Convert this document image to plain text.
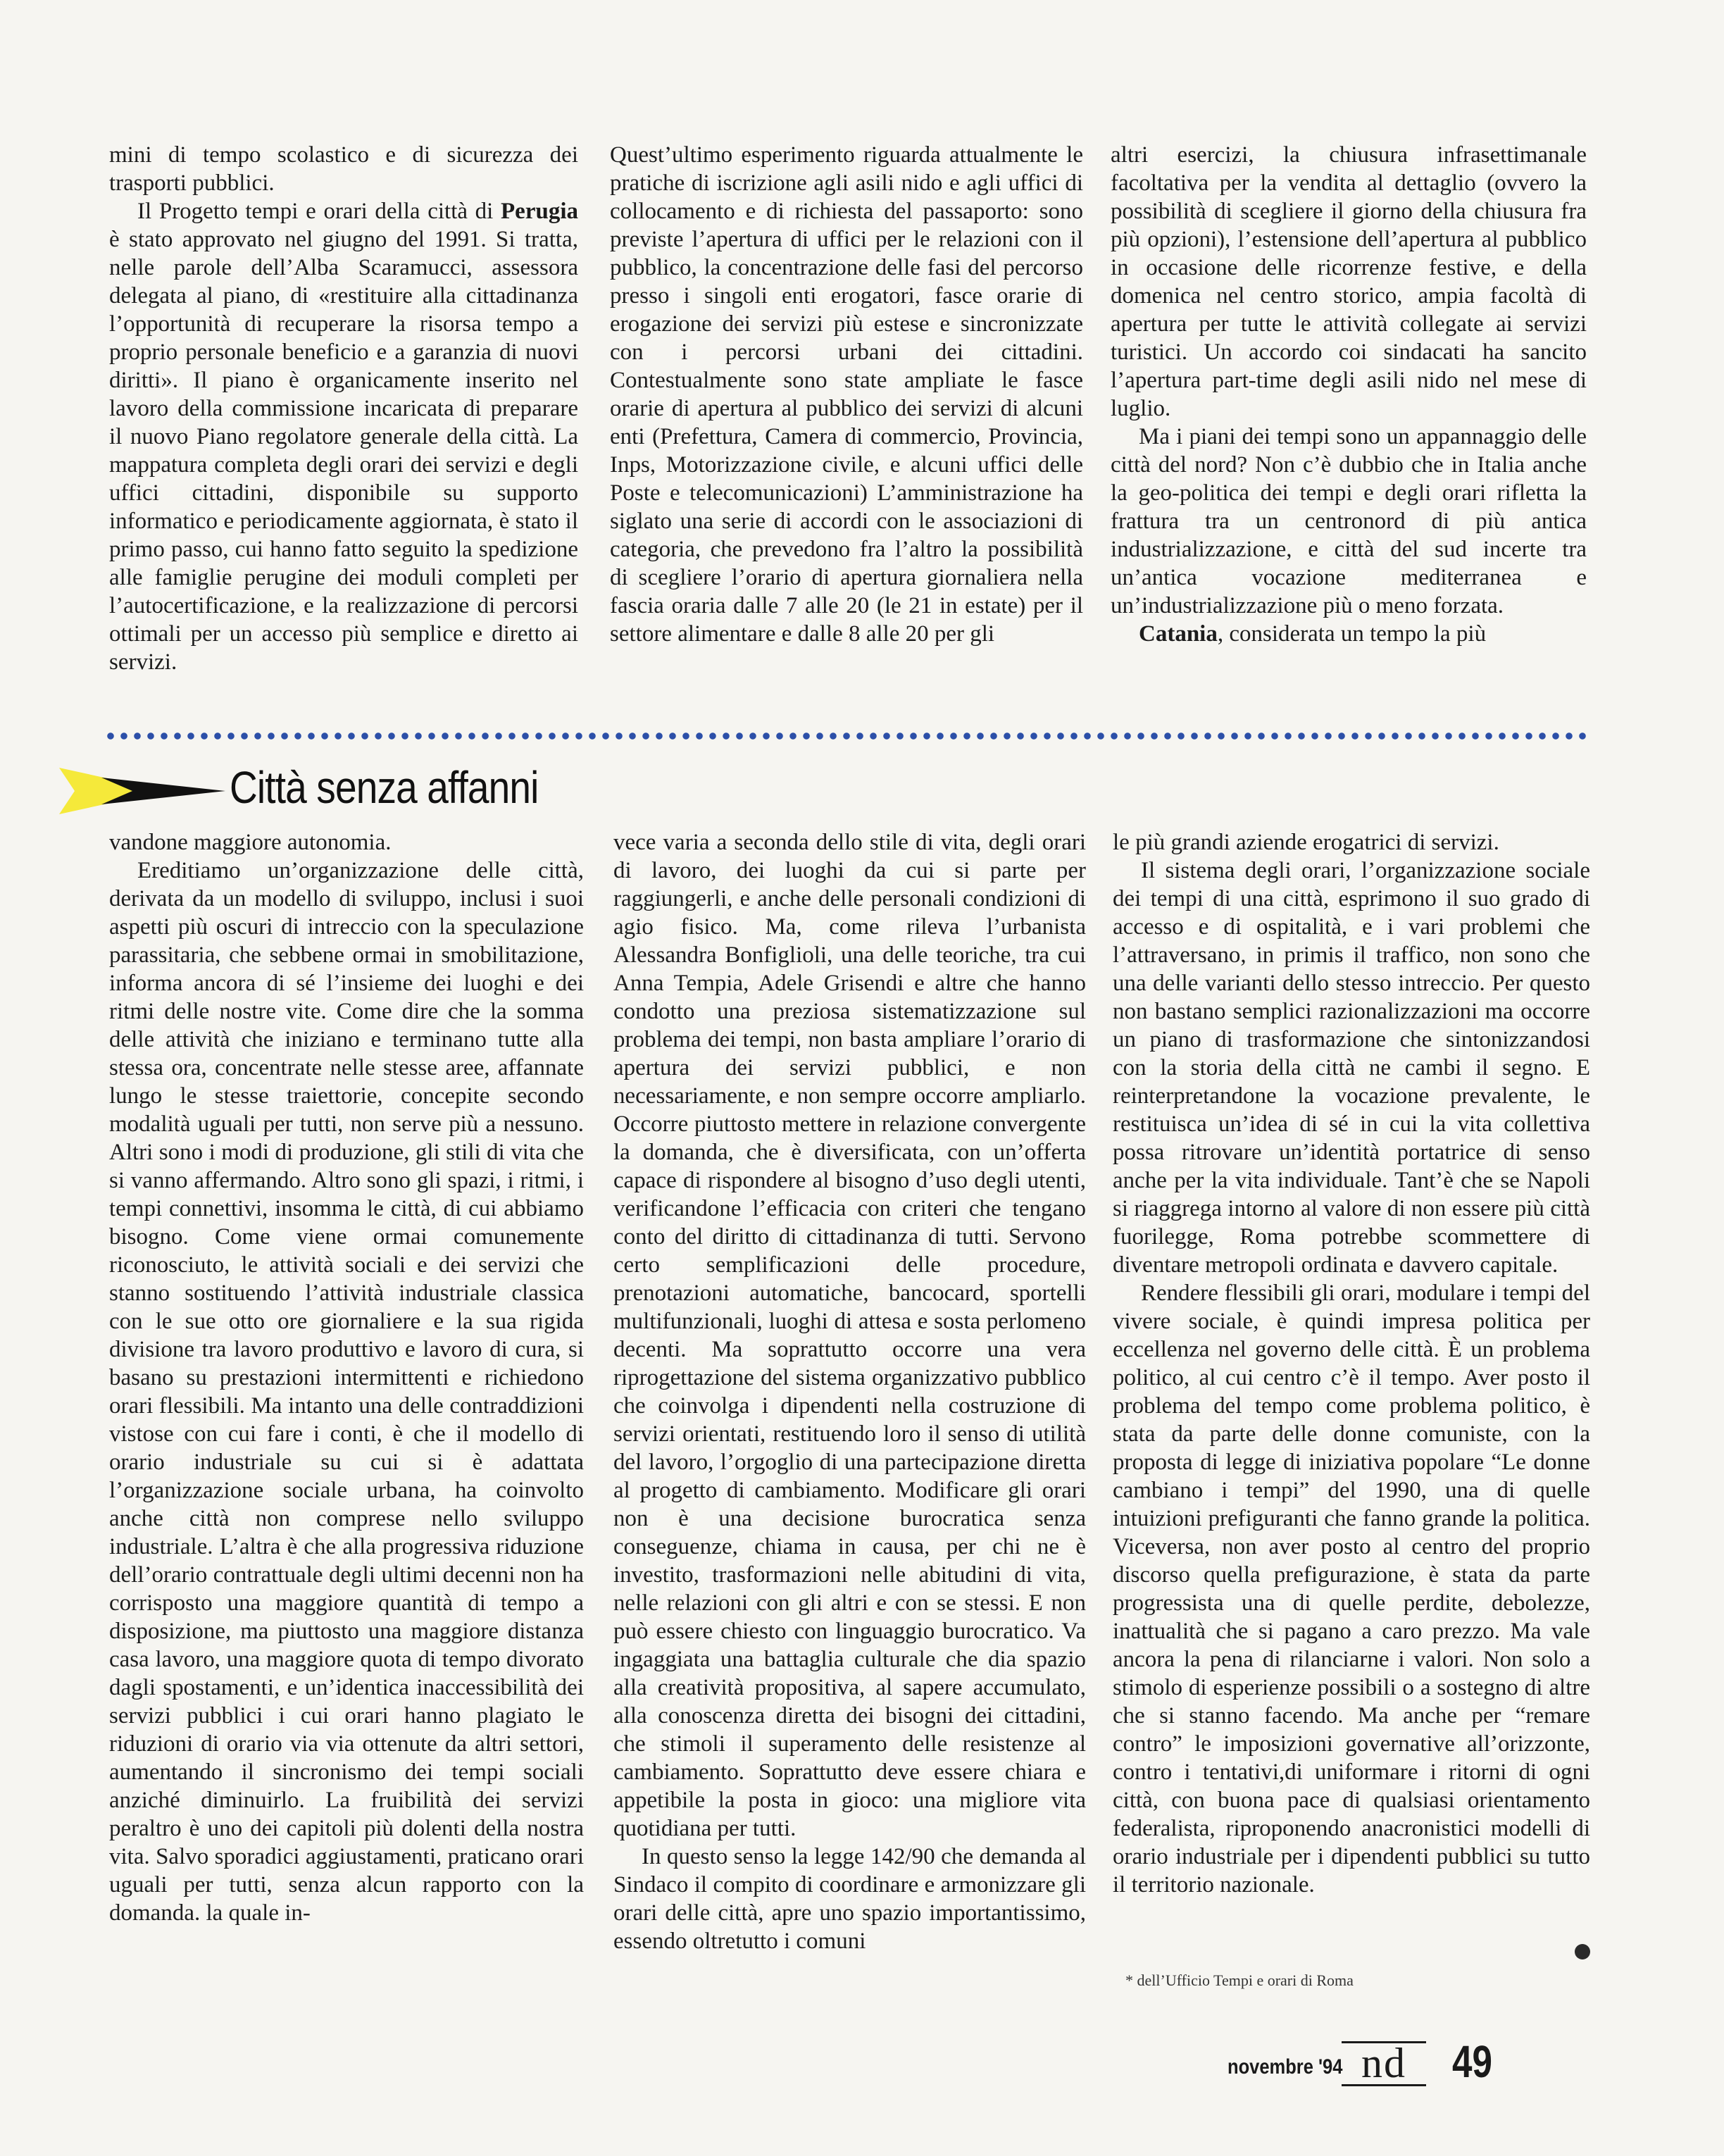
mini di tempo scolastico e di sicurezza dei trasporti pubblici.

Il Progetto tempi e orari della città di Perugia è stato approvato nel giugno del 1991. Si tratta, nelle parole dell’Alba Scaramucci, assessora delegata al piano, di «restituire alla cittadinanza l’opportunità di recuperare la risorsa tempo a proprio personale beneficio e a garanzia di nuovi diritti». Il piano è organicamente inserito nel lavoro della commissione incaricata di preparare il nuovo Piano regolatore generale della città. La mappatura completa degli orari dei servizi e degli uffici cittadini, disponibile su supporto informatico e periodicamente aggiornata, è stato il primo passo, cui hanno fatto seguito la spedizione alle famiglie perugine dei moduli completi per l’autocertificazione, e la realizzazione di percorsi ottimali per un accesso più semplice e diretto ai servizi.

Quest’ultimo esperimento riguarda attualmente le pratiche di iscrizione agli asili nido e agli uffici di collocamento e di richiesta del passaporto: sono previste l’apertura di uffici per le relazioni con il pubblico, la concentrazione delle fasi del percorso presso i singoli enti erogatori, fasce orarie di erogazione dei servizi più estese e sincronizzate con i percorsi urbani dei cittadini. Contestualmente sono state ampliate le fasce orarie di apertura al pubblico dei servizi di alcuni enti (Prefettura, Camera di commercio, Provincia, Inps, Motorizzazione civile, e alcuni uffici delle Poste e telecomunicazioni) L’amministrazione ha siglato una serie di accordi con le associazioni di categoria, che prevedono fra l’altro la possibilità di scegliere l’orario di apertura giornaliera nella fascia oraria dalle 7 alle 20 (le 21 in estate) per il settore alimentare e dalle 8 alle 20 per gli

altri esercizi, la chiusura infrasettimanale facoltativa per la vendita al dettaglio (ovvero la possibilità di scegliere il giorno della chiusura fra più opzioni), l’estensione dell’apertura al pubblico in occasione delle ricorrenze festive, e della domenica nel centro storico, ampia facoltà di apertura per tutte le attività collegate ai servizi turistici. Un accordo coi sindacati ha sancito l’apertura part-time degli asili nido nel mese di luglio.

Ma i piani dei tempi sono un appannaggio delle città del nord? Non c’è dubbio che in Italia anche la geo-politica dei tempi e degli orari rifletta la frattura tra un centronord di più antica industrializzazione, e città del sud incerte tra un’antica vocazione mediterranea e un’industrializzazione più o meno forzata.

Catania, considerata un tempo la più

Città senza affanni

vandone maggiore autonomia.

Ereditiamo un’organizzazione delle città, derivata da un modello di sviluppo, inclusi i suoi aspetti più oscuri di intreccio con la speculazione parassitaria, che sebbene ormai in smobilitazione, informa ancora di sé l’insieme dei luoghi e dei ritmi delle nostre vite. Come dire che la somma delle attività che iniziano e terminano tutte alla stessa ora, concentrate nelle stesse aree, affannate lungo le stesse traiettorie, concepite secondo modalità uguali per tutti, non serve più a nessuno. Altri sono i modi di produzione, gli stili di vita che si vanno affermando. Altro sono gli spazi, i ritmi, i tempi connettivi, insomma le città, di cui abbiamo bisogno. Come viene ormai comunemente riconosciuto, le attività sociali e dei servizi che stanno sostituendo l’attività industriale classica con le sue otto ore giornaliere e la sua rigida divisione tra lavoro produttivo e lavoro di cura, si basano su prestazioni intermittenti e richiedono orari flessibili. Ma intanto una delle contraddizioni vistose con cui fare i conti, è che il modello di orario industriale su cui si è adattata l’organizzazione sociale urbana, ha coinvolto anche città non comprese nello sviluppo industriale. L’altra è che alla progressiva riduzione dell’orario contrattuale degli ultimi decenni non ha corrisposto una maggiore quantità di tempo a disposizione, ma piuttosto una maggiore distanza casa lavoro, una maggiore quota di tempo divorato dagli spostamenti, e un’identica inaccessibilità dei servizi pubblici i cui orari hanno plagiato le riduzioni di orario via via ottenute da altri settori, aumentando il sincronismo dei tempi sociali anziché diminuirlo. La fruibilità dei servizi peraltro è uno dei capitoli più dolenti della nostra vita. Salvo sporadici aggiustamenti, praticano orari uguali per tutti, senza alcun rapporto con la domanda. la quale in-

vece varia a seconda dello stile di vita, degli orari di lavoro, dei luoghi da cui si parte per raggiungerli, e anche delle personali condizioni di agio fisico. Ma, come rileva l’urbanista Alessandra Bonfiglioli, una delle teoriche, tra cui Anna Tempia, Adele Grisendi e altre che hanno condotto una preziosa sistematizzazione sul problema dei tempi, non basta ampliare l’orario di apertura dei servizi pubblici, e non necessariamente, e non sempre occorre ampliarlo. Occorre piuttosto mettere in relazione convergente la domanda, che è diversificata, con un’offerta capace di rispondere al bisogno d’uso degli utenti, verificandone l’efficacia con criteri che tengano conto del diritto di cittadinanza di tutti. Servono certo semplificazioni delle procedure, prenotazioni automatiche, bancocard, sportelli multifunzionali, luoghi di attesa e sosta perlomeno decenti. Ma soprattutto occorre una vera riprogettazione del sistema organizzativo pubblico che coinvolga i dipendenti nella costruzione di servizi orientati, restituendo loro il senso di utilità del lavoro, l’orgoglio di una partecipazione diretta al progetto di cambiamento. Modificare gli orari non è una decisione burocratica senza conseguenze, chiama in causa, per chi ne è investito, trasformazioni nelle abitudini di vita, nelle relazioni con gli altri e con se stessi. E non può essere chiesto con linguaggio burocratico. Va ingaggiata una battaglia culturale che dia spazio alla creatività propositiva, al sapere accumulato, alla conoscenza diretta dei bisogni dei cittadini, che stimoli il superamento delle resistenze al cambiamento. Soprattutto deve essere chiara e appetibile la posta in gioco: una migliore vita quotidiana per tutti.

In questo senso la legge 142/90 che demanda al Sindaco il compito di coordinare e armonizzare gli orari delle città, apre uno spazio importantissimo, essendo oltretutto i comuni

le più grandi aziende erogatrici di servizi.

Il sistema degli orari, l’organizzazione sociale dei tempi di una città, esprimono il suo grado di accesso e di ospitalità, e i vari problemi che l’attraversano, in primis il traffico, non sono che una delle varianti dello stesso intreccio. Per questo non bastano semplici razionalizzazioni ma occorre un piano di trasformazione che sintonizzandosi con la storia della città ne cambi il segno. E reinterpretandone la vocazione prevalente, le restituisca un’idea di sé in cui la vita collettiva possa ritrovare un’identità portatrice di senso anche per la vita individuale. Tant’è che se Napoli si riaggrega intorno al valore di non essere più città fuorilegge, Roma potrebbe scommettere di diventare metropoli ordinata e davvero capitale.

Rendere flessibili gli orari, modulare i tempi del vivere sociale, è quindi impresa politica per eccellenza nel governo delle città. È un problema politico, al cui centro c’è il tempo. Aver posto il problema del tempo come problema politico, è stata da parte delle donne comuniste, con la proposta di legge di iniziativa popolare “Le donne cambiano i tempi” del 1990, una di quelle intuizioni prefiguranti che fanno grande la politica. Viceversa, non aver posto al centro del proprio discorso quella prefigurazione, è stata da parte progressista una di quelle perdite, debolezze, inattualità che si pagano a caro prezzo. Ma vale ancora la pena di rilanciarne i valori. Non solo a stimolo di esperienze possibili o a sostegno di altre che si stanno facendo. Ma anche per “remare contro” le imposizioni governative all’orizzonte, contro i tentativi,di uniformare i ritorni di ogni città, con buona pace di qualsiasi orientamento federalista, riproponendo anacronistici modelli di orario industriale per i dipendenti pubblici su tutto il territorio nazionale.

* dell’Ufficio Tempi e orari di Roma
novembre '94 nd	49
